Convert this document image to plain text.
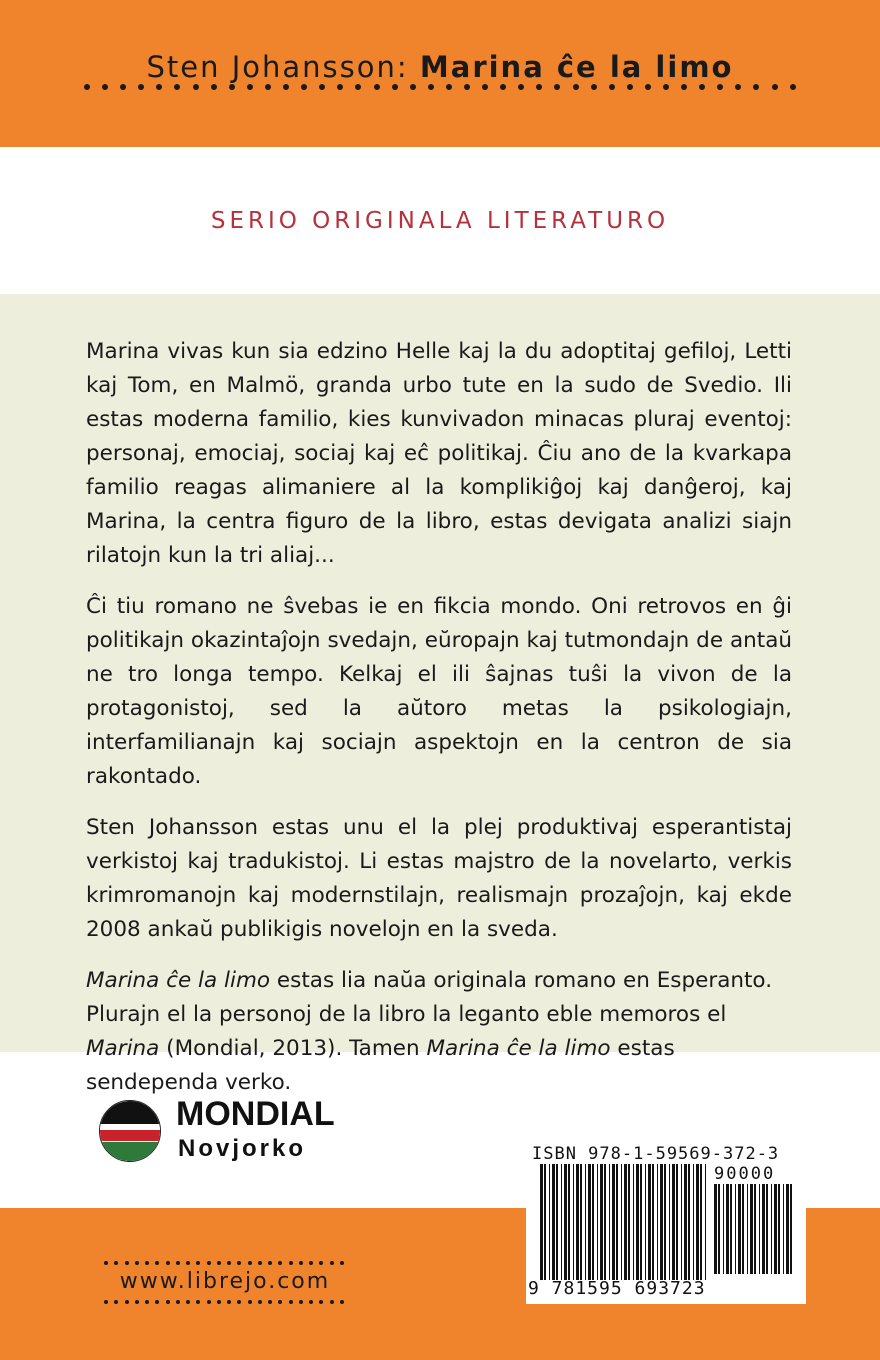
Sten Johansson: Marina ĉe la limo
SERIO ORIGINALA LITERATURO

Marina vivas kun sia edzino Helle kaj la du adoptitaj gefiloj, Letti kaj Tom, en Malmö, granda urbo tute en la sudo de Svedio. Ili estas moderna familio, kies kunvivadon minacas pluraj eventoj: personaj, emociaj, sociaj kaj eĉ politikaj. Ĉiu ano de la kvarkapa familio reagas alimaniere al la komplikiĝoj kaj danĝeroj, kaj Marina, la centra figuro de la libro, estas devigata analizi siajn rilatojn kun la tri aliaj...

Ĉi tiu romano ne ŝvebas ie en fikcia mondo. Oni retrovos en ĝi politikajn okazintaĵojn svedajn, eŭropajn kaj tutmondajn de antaŭ ne tro longa tempo. Kelkaj el ili ŝajnas tuŝi la vivon de la protagonistoj, sed la aŭtoro metas la psikologiajn, interfamilianajn kaj sociajn aspektojn en la centron de sia rakontado.

Sten Johansson estas unu el la plej produktivaj esperantistaj verkistoj kaj tradukistoj. Li estas majstro de la novelarto, verkis krimromanojn kaj modernstilajn, realismajn prozaĵojn, kaj ekde 2008 ankaŭ publikigis novelojn en la sveda.

Marina ĉe la limo estas lia naŭa originala romano en Esperanto. Plurajn el la personoj de la libro la leganto eble memoros el Marina (Mondial, 2013). Tamen Marina ĉe la limo estas sendependa verko.

MONDIAL
Novjorko
www.librejo.com
ISBN 978-1-59569-372-3
90000
9 781595 693723
